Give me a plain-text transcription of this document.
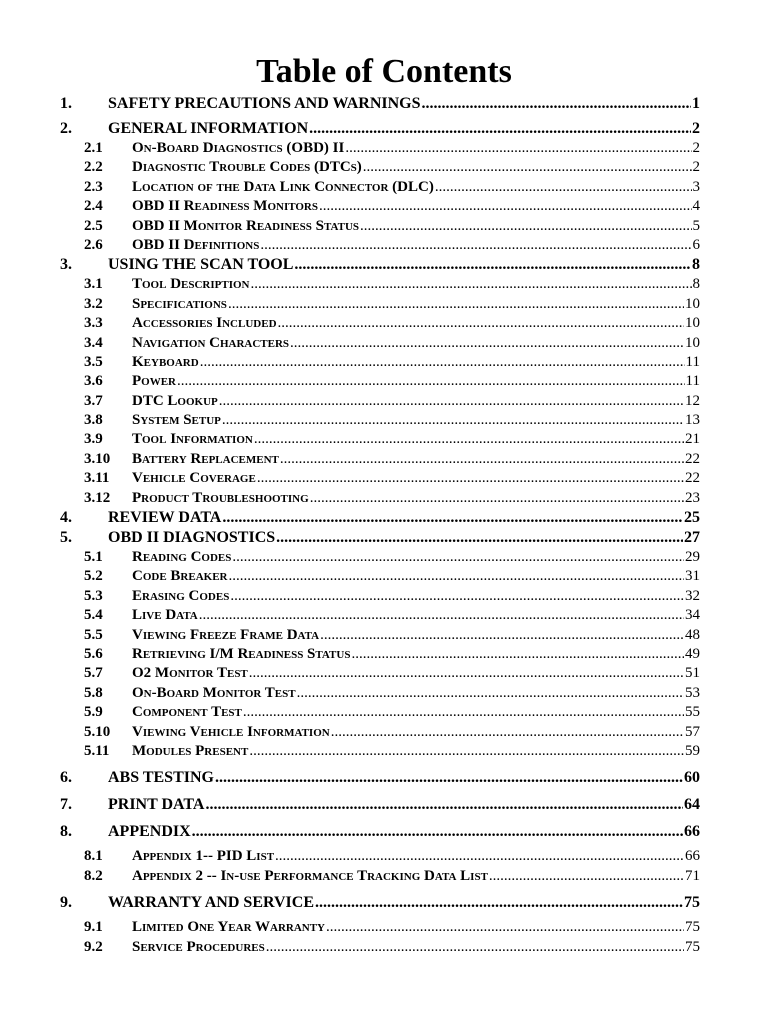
Table of Contents
1.	SAFETY PRECAUTIONS AND WARNINGS .....	1
2.	GENERAL INFORMATION .....	2
2.1	On-Board Diagnostics (OBD) II .....	2
2.2	Diagnostic Trouble Codes (DTCs) .....	2
2.3	Location of the Data Link Connector (DLC) .....	3
2.4	OBD II Readiness Monitors .....	4
2.5	OBD II Monitor Readiness Status .....	5
2.6	OBD II Definitions .....	6
3.	USING THE SCAN TOOL .....	8
3.1	Tool Description .....	8
3.2	Specifications .....	10
3.3	Accessories Included .....	10
3.4	Navigation Characters .....	10
3.5	Keyboard .....	11
3.6	Power .....	11
3.7	DTC Lookup .....	12
3.8	System Setup .....	13
3.9	Tool Information .....	21
3.10	Battery Replacement .....	22
3.11	Vehicle Coverage .....	22
3.12	Product Troubleshooting .....	23
4.	REVIEW DATA .....	25
5.	OBD II DIAGNOSTICS .....	27
5.1	Reading Codes .....	29
5.2	Code Breaker .....	31
5.3	Erasing Codes .....	32
5.4	Live Data .....	34
5.5	Viewing Freeze Frame Data .....	48
5.6	Retrieving I/M Readiness Status .....	49
5.7	O2 Monitor Test .....	51
5.8	On-Board Monitor Test .....	53
5.9	Component Test .....	55
5.10	Viewing Vehicle Information .....	57
5.11	Modules Present .....	59
6.	ABS TESTING .....	60
7.	PRINT DATA .....	64
8.	APPENDIX .....	66
8.1	Appendix 1-- PID List .....	66
8.2	Appendix 2 -- In-use Performance Tracking Data List .....	71
9.	WARRANTY AND SERVICE .....	75
9.1	Limited One Year Warranty .....	75
9.2	Service Procedures .....	75
